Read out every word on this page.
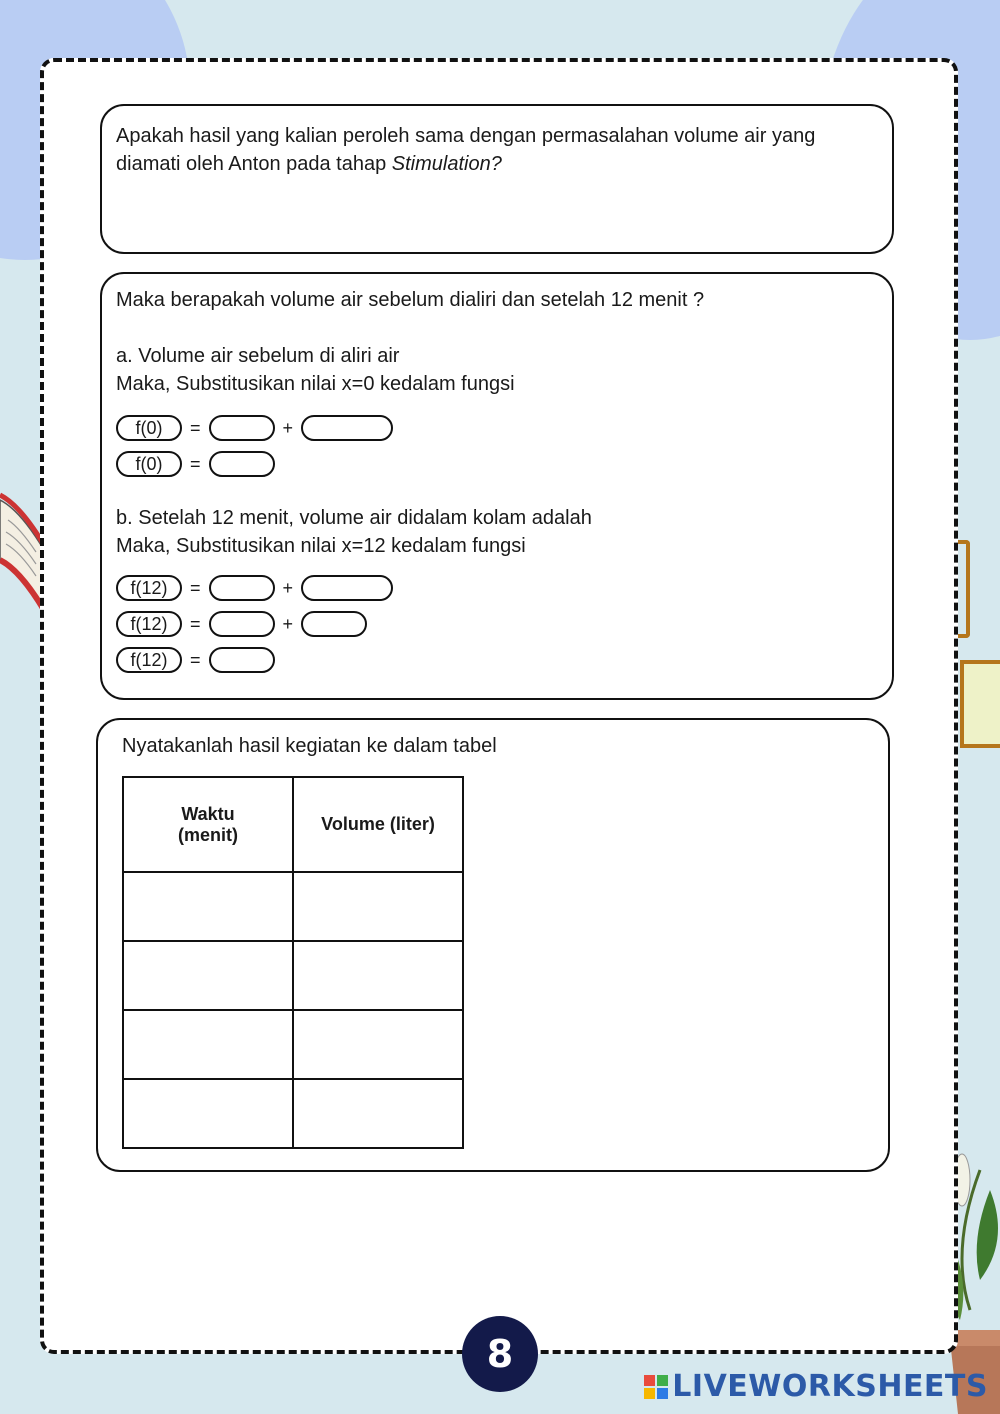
Apakah hasil yang kalian peroleh sama dengan permasalahan volume air yang diamati oleh Anton pada tahap Stimulation?

Maka berapakah volume air sebelum dialiri dan setelah 12 menit ?

a. Volume air sebelum di aliri air

Maka, Substitusikan nilai x=0 kedalam fungsi

f(0)	=	+
f(0)	=

b. Setelah 12 menit, volume air didalam kolam adalah

Maka, Substitusikan nilai x=12 kedalam fungsi

f(12)	=	+
f(12)	=	+
f(12)	=

Nyatakanlah hasil kegiatan ke dalam tabel

Waktu (menit)	Volume (liter)

8
LIVEWORKSHEETS
